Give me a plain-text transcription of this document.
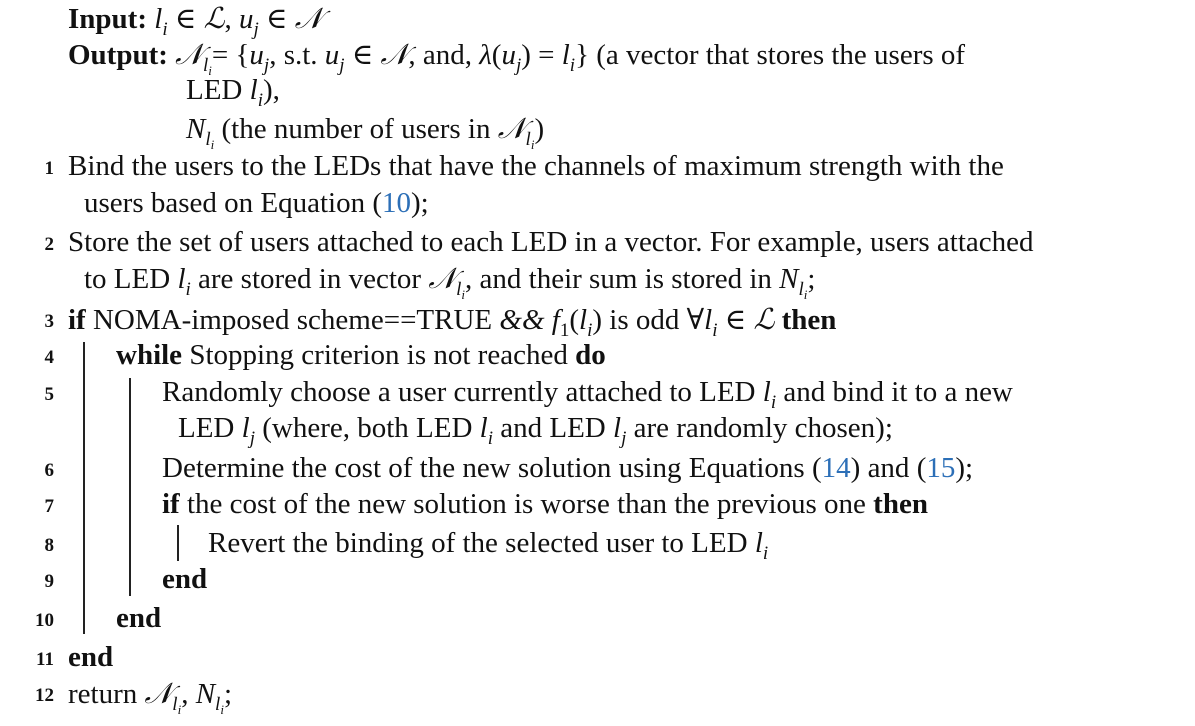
Input: $l_i$ ∈ ℒ, $u_j$ ∈ 𝒩
Output: 𝒩$_{l_i}$= {$u_j$, s.t. $u_j$ ∈ 𝒩, and, $\lambda(u_j) = l_i$} (a vector that stores the users of
LED $l_i$),
$N_{l_i}$ (the number of users in 𝒩$_{l_i}$)
1 Bind the users to the LEDs that have the channels of maximum strength with the
users based on Equation (10);
2 Store the set of users attached to each LED in a vector. For example, users attached
to LED $l_i$ are stored in vector 𝒩$_{l_i}$, and their sum is stored in $N_{l_i}$;
3 if NOMA-imposed scheme==TRUE && $f_1(l_i)$ is odd $\forall l_i$ ∈ ℒ then
4 while Stopping criterion is not reached do
5	Randomly choose a user currently attached to LED $l_i$ and bind it to a new
LED $l_j$ (where, both LED $l_i$ and LED $l_j$ are randomly chosen);
6	Determine the cost of the new solution using Equations (14) and (15);
7	if the cost of the new solution is worse than the previous one then
8	Revert the binding of the selected user to LED $l_i$
9	end
10 end
11 end
12 return 𝒩$_{l_i}$, $N_{l_i}$;
